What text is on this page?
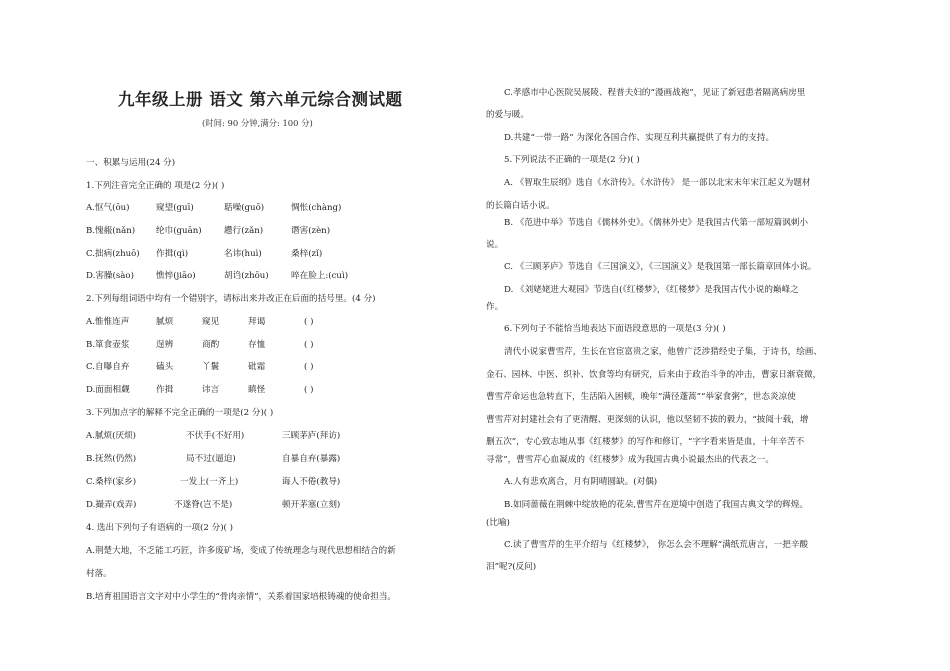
九年级上册 语文 第六单元综合测试题
(时间: 90 分钟,满分: 100 分)
一、积累与运用(24 分)
1.下列注音完全正确的 项是(2 分)( )
A.怄气(ōu)	窥望(guī)	聒噪(guō)	惆怅(chàng)
B.愧赧(nǎn) 纶巾(guān)	趱行(zǎn)	谮害(zèn)
C.拙病(zhuō) 作揖(qì)	名讳(huì)	桑梓(zǐ)
D.害臊(sào)	憔悴(jiāo)	胡诌(zhōu)	啐在脸上:(cuì)
2.下列每组词语中均有一个错别字，请标出来并改正在后面的括号里。(4 分)
A.惟惟连声	腻烦	窥见	拜谒	( )
B.箪食壶浆	逞辨	商酌	存恤	( )
C.自曝自弃	磕头	丫鬟	砒霜	( )
D.面面相觑	作揖	讳言	瞋怪	( )
3.下列加点字的解释不完全正确的一项是(2 分)( )
A.腻烦(厌烦)	不伏手(不好用)	三顾茅庐(拜访)
B.抚然(仍然)	局不过(逼迫)	自暴自弃(暴露)
C.桑梓(家乡)	一发上(一齐上)	诲人不倦(教导)
D.撮弄(戏弄)	不遂脊(岂不是)	顿开茅塞(立刻)
4. 选出下列句子有语病的一项(2 分)( )
A.荆楚大地，不乏能工巧匠，许多废矿场，变成了传统理念与现代思想相结合的新
村落。
B.培育祖国语言文字对中小学生的“骨肉亲情”，关系着国家培根铸魂的使命担当。
C.孝感市中心医院吴展陵、程普夫妇的“漫画战袍”，见证了新冠患者隔离病房里
的爱与暖。
D.共建“一带一路” 为深化各国合作、实现互利共赢提供了有力的支持。
5.下列说法不正确的一项是(2 分)( )
A. 《智取生辰纲》选自《水浒传》。《水浒传》 是一部以北宋末年宋江起义为题材
的长篇白话小说。
B. 《范进中举》节选自《儒林外史》。《儒林外史》是我国古代第一部短篇讽刺小
说。
C. 《三顾茅庐》节选自《三国演义》，《三国演义》是我国第一部长篇章回体小说。
D. 《刘姥姥进大观园》节选自(《红楼梦》，《红楼梦》是我国古代小说的巅峰之
作。
6.下列句子不能恰当地表达下面语段意思的一项是(3 分)( )
清代小说家曹雪芹，生长在官宦富贵之家，他曾广泛涉猎经史子集，于诗书，绘画、
金石、园林、中医、织补、饮食等均有研究，后来由于政治斗争的冲击，曹家日渐衰微，
曹雪芹命运也急转直下，生活陷入困顿，晚年“满径蓬蒿”“举家食粥”，世态炎凉使
曹雪芹对封建社会有了更清醒、更深刻的认识，他以坚韧不拔的毅力，“披阅十载，增
删五次”，专心致志地从事《红楼梦》的写作和修订，“字字看来皆是血，十年辛苦不
寻常”，曹雪芹心血凝成的《红楼梦》成为我国古典小说最杰出的代表之一。
A.人有悲欢离合，月有阴晴圆缺。(对偶)
B.如同蔷薇在荆棘中绽放艳的花朵,曹雪芹在逆境中创造了我国古典文学的辉煌。
(比喻)
C.读了曹雪芹的生平介绍与《红楼梦》， 你怎么会不理解“满纸荒唐言，一把辛酸
泪”呢?(反问)
